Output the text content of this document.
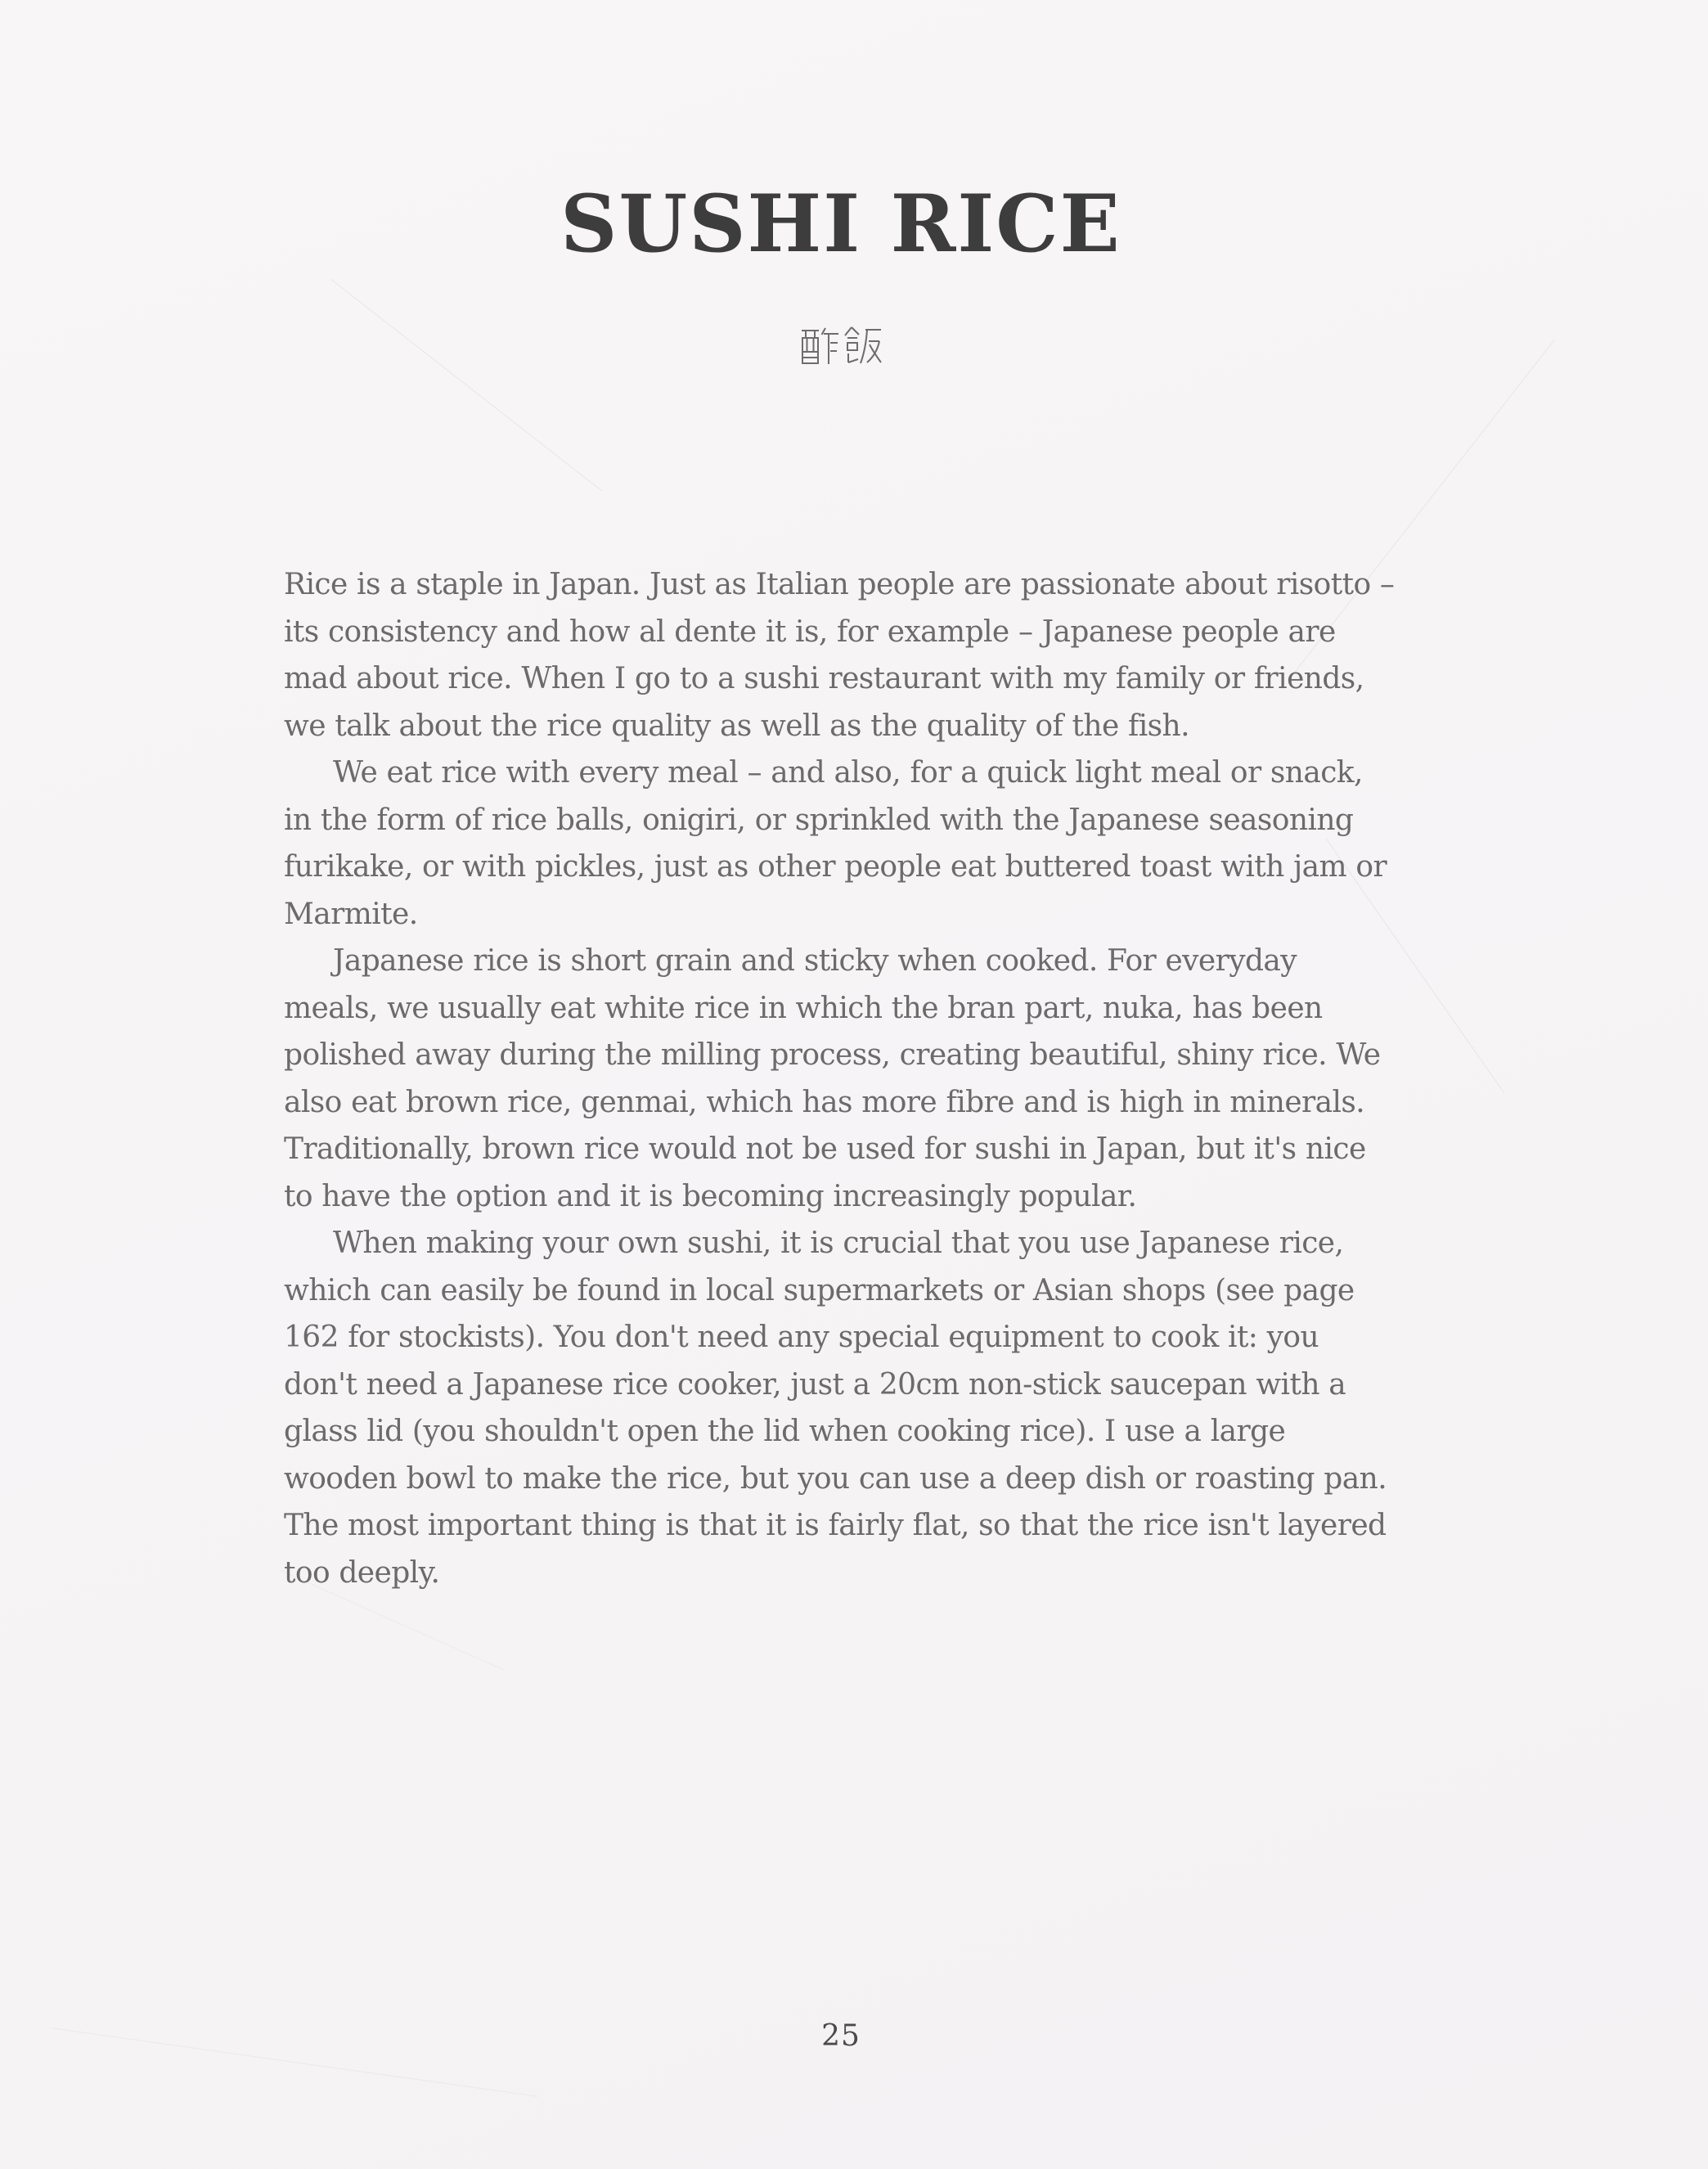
SUSHI RICE

Rice is a staple in Japan. Just as Italian people are passionate about risotto – its consistency and how al dente it is, for example – Japanese people are mad about rice. When I go to a sushi restaurant with my family or friends, we talk about the rice quality as well as the quality of the fish.

We eat rice with every meal – and also, for a quick light meal or snack, in the form of rice balls, onigiri, or sprinkled with the Japanese seasoning furikake, or with pickles, just as other people eat buttered toast with jam or Marmite.

Japanese rice is short grain and sticky when cooked. For everyday meals, we usually eat white rice in which the bran part, nuka, has been polished away during the milling process, creating beautiful, shiny rice. We also eat brown rice, genmai, which has more fibre and is high in minerals. Traditionally, brown rice would not be used for sushi in Japan, but it's nice to have the option and it is becoming increasingly popular.

When making your own sushi, it is crucial that you use Japanese rice, which can easily be found in local supermarkets or Asian shops (see page 162 for stockists). You don't need any special equipment to cook it: you don't need a Japanese rice cooker, just a 20cm non-stick saucepan with a glass lid (you shouldn't open the lid when cooking rice). I use a large wooden bowl to make the rice, but you can use a deep dish or roasting pan. The most important thing is that it is fairly flat, so that the rice isn't layered too deeply.

25
